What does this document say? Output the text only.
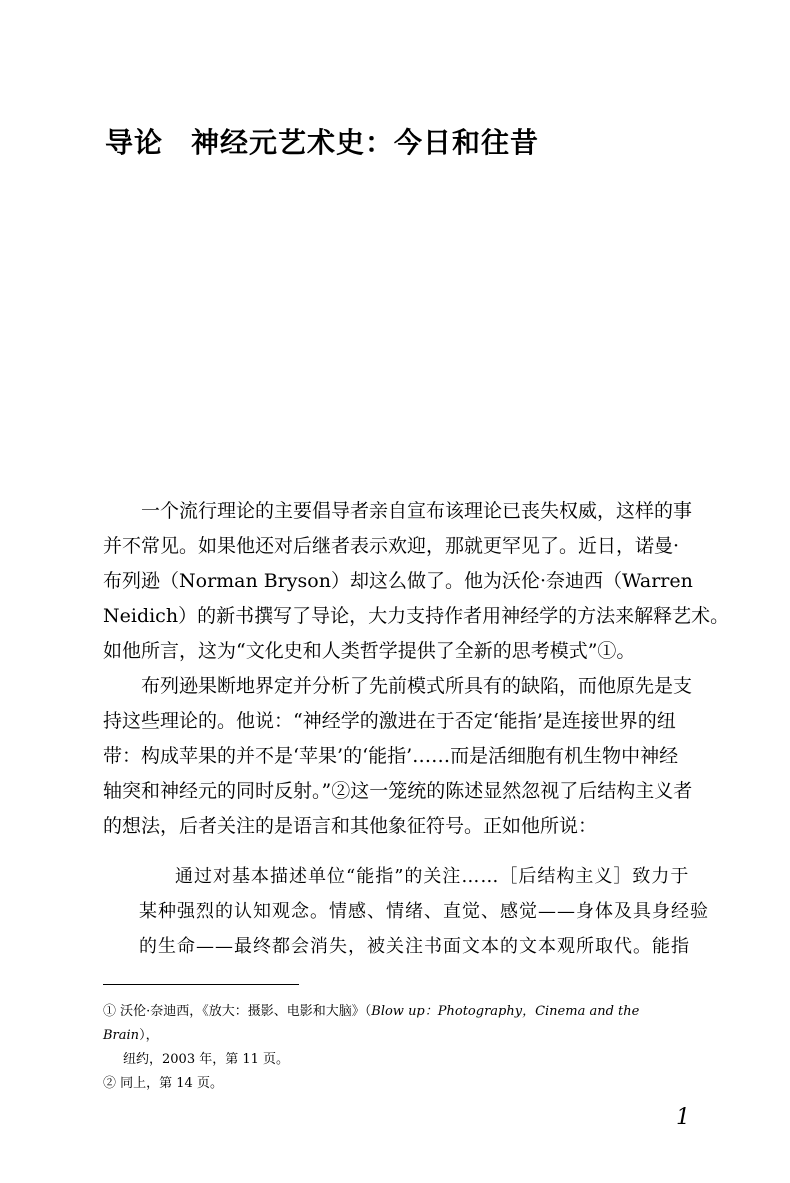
导论 神经元艺术史：今日和往昔
一个流行理论的主要倡导者亲自宣布该理论已丧失权威，这样的事
并不常见。如果他还对后继者表示欢迎，那就更罕见了。近日，诺曼·
布列逊（Norman Bryson）却这么做了。他为沃伦·奈迪西（Warren
Neidich）的新书撰写了导论，大力支持作者用神经学的方法来解释艺术。
如他所言，这为“文化史和人类哲学提供了全新的思考模式”①。
布列逊果断地界定并分析了先前模式所具有的缺陷，而他原先是支
持这些理论的。他说：“神经学的激进在于否定‘能指’是连接世界的纽
带：构成苹果的并不是‘苹果’的‘能指’……而是活细胞有机生物中神经
轴突和神经元的同时反射。”②这一笼统的陈述显然忽视了后结构主义者
的想法，后者关注的是语言和其他象征符号。正如他所说：
通过对基本描述单位“能指”的关注……［后结构主义］致力于
某种强烈的认知观念。情感、情绪、直觉、感觉——身体及具身经验
的生命——最终都会消失，被关注书面文本的文本观所取代。能指
① 沃伦·奈迪西，《放大：摄影、电影和大脑》（Blow up：Photography，Cinema and the Brain），
纽约，2003 年，第 11 页。
② 同上，第 14 页。
1
